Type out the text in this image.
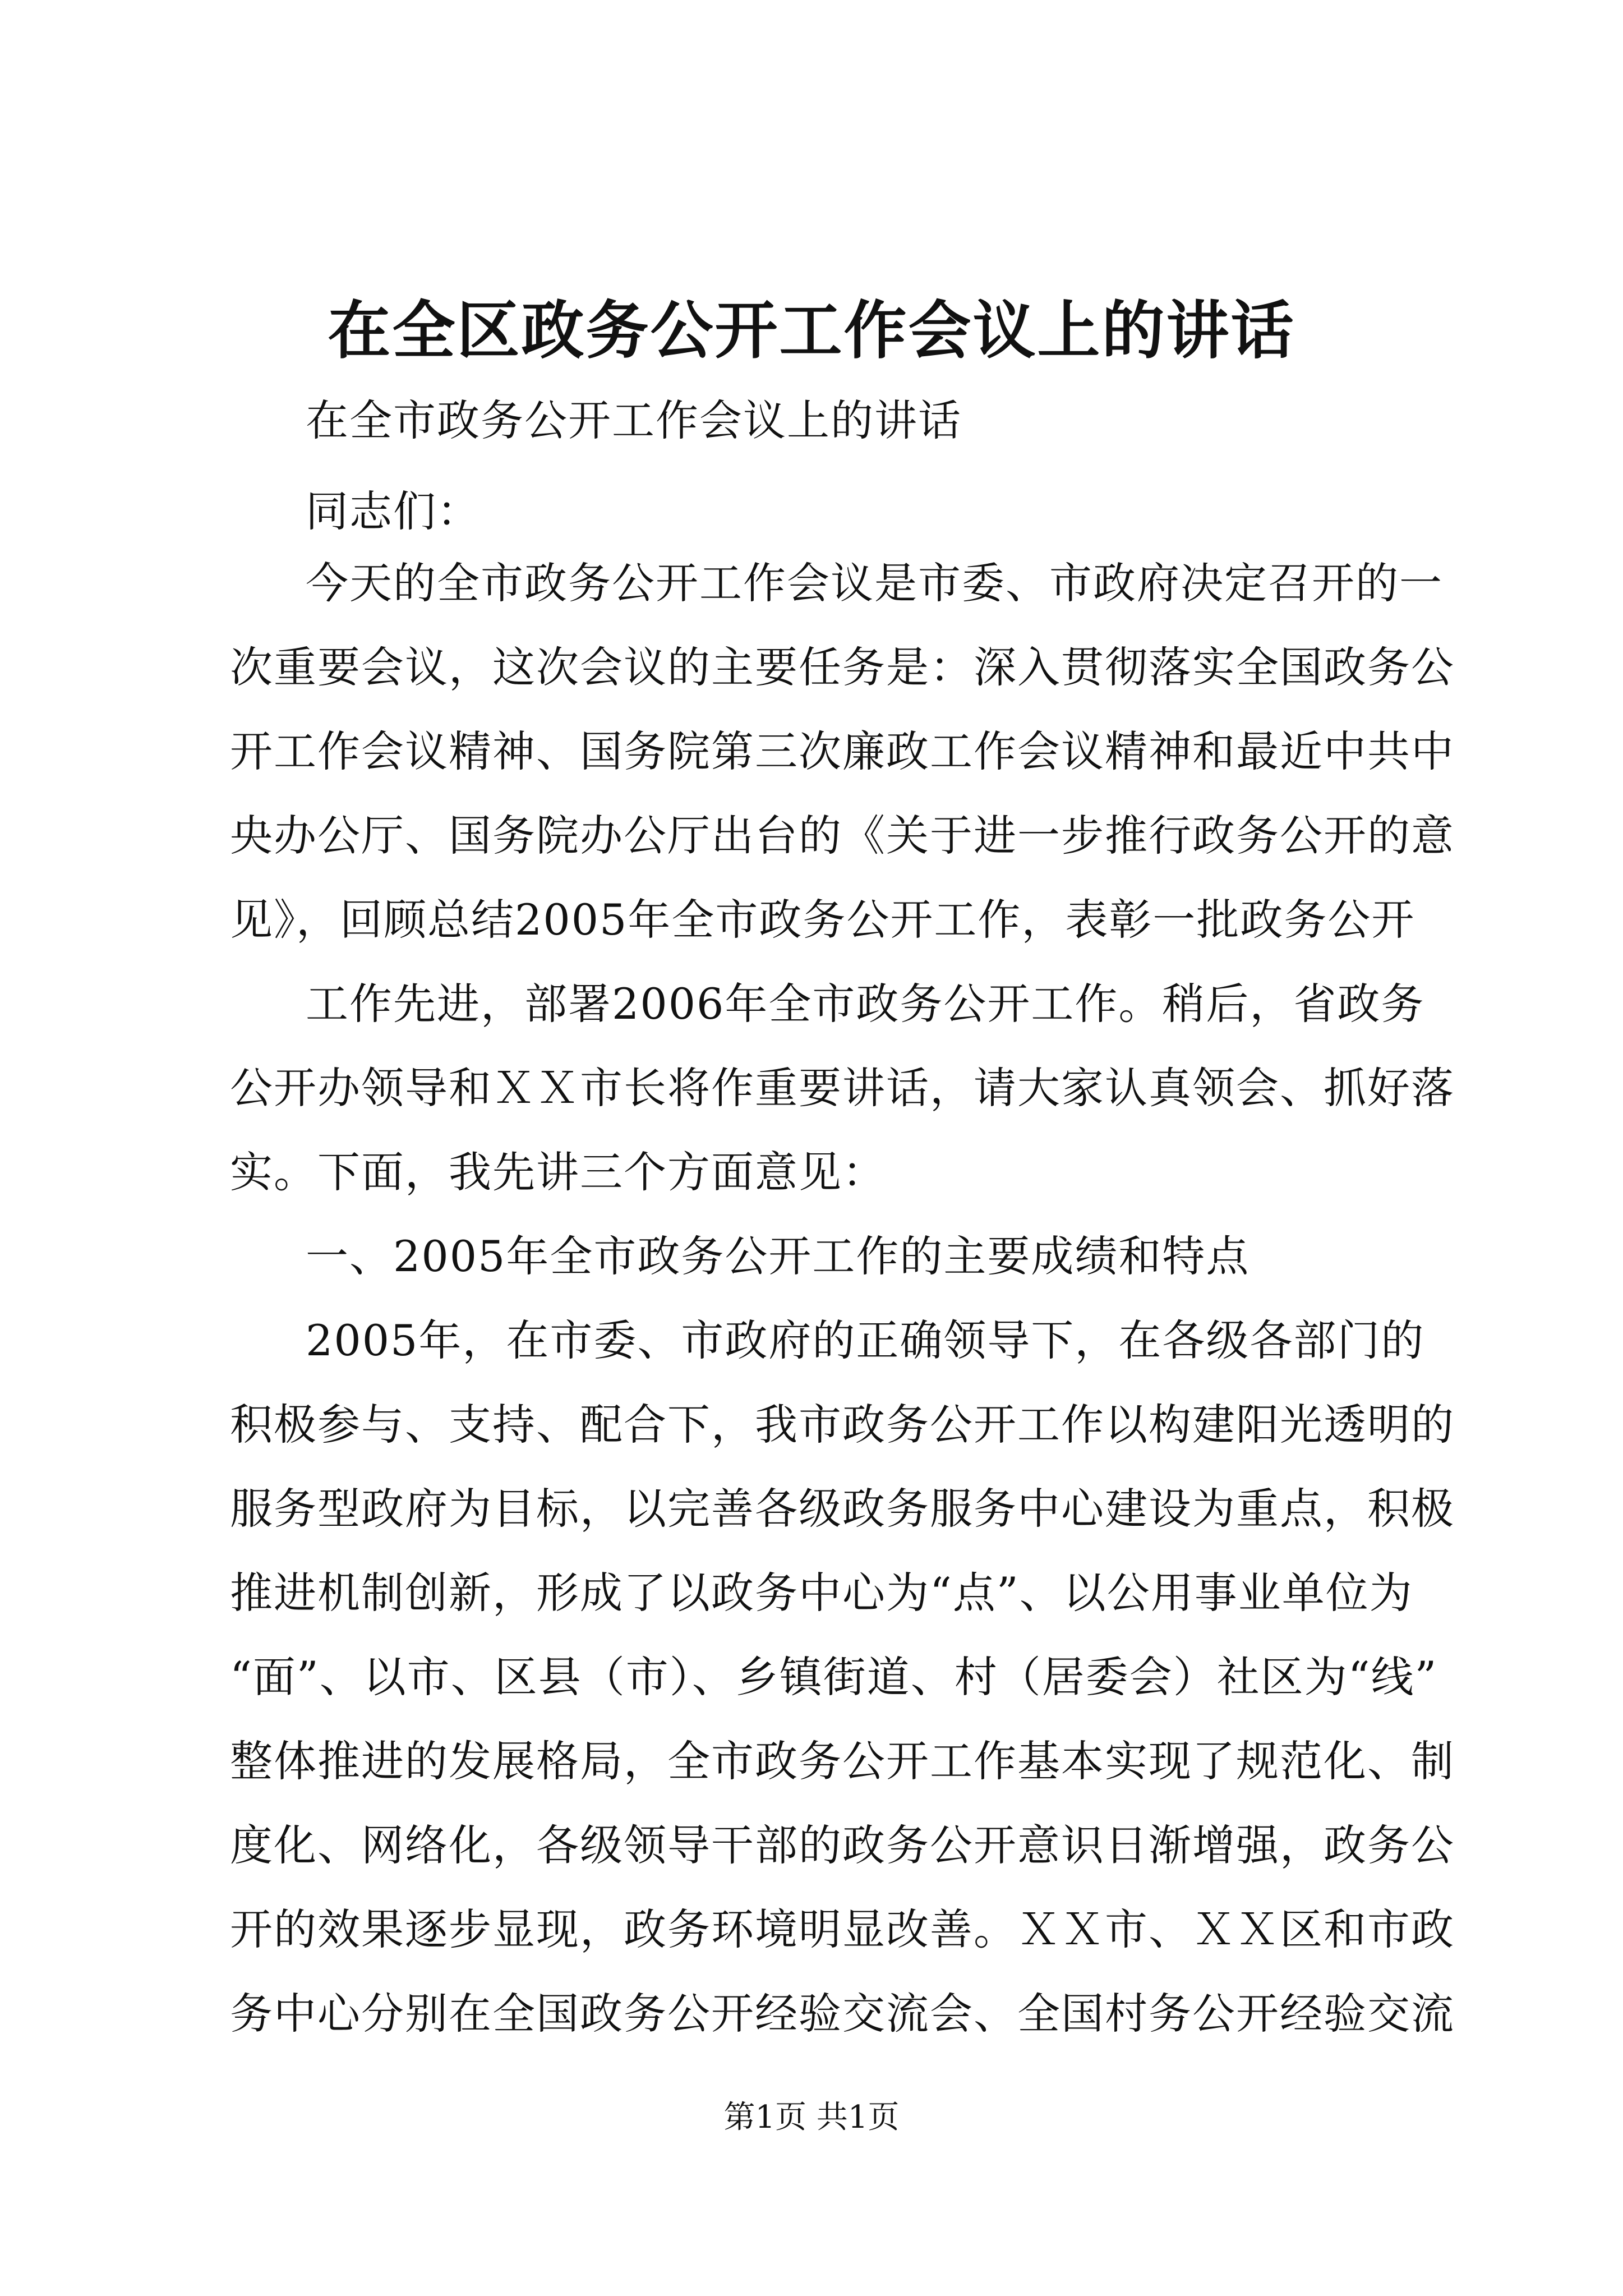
在全区政务公开工作会议上的讲话
在全市政务公开工作会议上的讲话
同志们：
今天的全市政务公开工作会议是市委、市政府决定召开的一
次重要会议，这次会议的主要任务是：深入贯彻落实全国政务公
开工作会议精神、国务院第三次廉政工作会议精神和最近中共中
央办公厅、国务院办公厅出台的《关于进一步推行政务公开的意
见》，回顾总结2005年全市政务公开工作，表彰一批政务公开
工作先进，部署2006年全市政务公开工作。稍后，省政务
公开办领导和ＸＸ市长将作重要讲话，请大家认真领会、抓好落
实。下面，我先讲三个方面意见：
一、2005年全市政务公开工作的主要成绩和特点
2005年，在市委、市政府的正确领导下，在各级各部门的
积极参与、支持、配合下，我市政务公开工作以构建阳光透明的
服务型政府为目标，以完善各级政务服务中心建设为重点，积极
推进机制创新，形成了以政务中心为“点”、以公用事业单位为
“面”、以市、区县（市）、乡镇街道、村（居委会）社区为“线”
整体推进的发展格局，全市政务公开工作基本实现了规范化、制
度化、网络化，各级领导干部的政务公开意识日渐增强，政务公
开的效果逐步显现，政务环境明显改善。ＸＸ市、ＸＸ区和市政
务中心分别在全国政务公开经验交流会、全国村务公开经验交流
第1页 共1页
